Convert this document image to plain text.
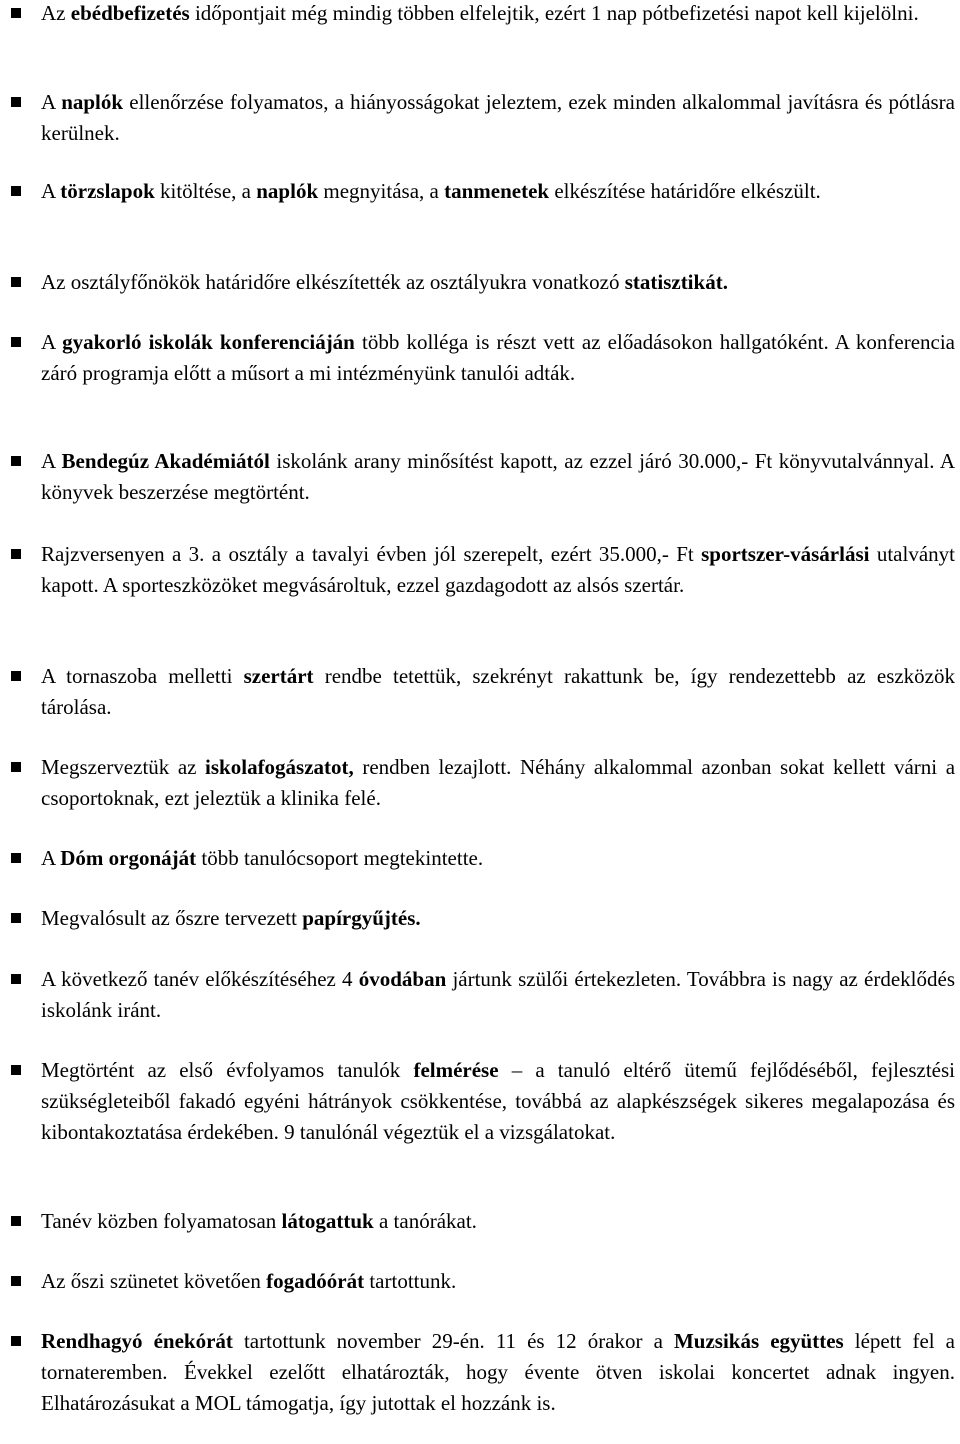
Az ebédbefizetés időpontjait még mindig többen elfelejtik, ezért 1 nap pótbefizetési napot kell kijelölni.
A naplók ellenőrzése folyamatos, a hiányosságokat jeleztem, ezek minden alkalommal javításra és pótlásra kerülnek.
A törzslapok kitöltése, a naplók megnyitása, a tanmenetek elkészítése határidőre elkészült.
Az osztályfőnökök határidőre elkészítették az osztályukra vonatkozó statisztikát.
A gyakorló iskolák konferenciáján több kolléga is részt vett az előadásokon hallgatóként. A konferencia záró programja előtt a műsort a mi intézményünk tanulói adták.
A Bendegúz Akadémiától iskolánk arany minősítést kapott, az ezzel járó 30.000,- Ft könyvutalvánnyal. A könyvek beszerzése megtörtént.
Rajzversenyen a 3. a osztály a tavalyi évben jól szerepelt, ezért 35.000,- Ft sportszer-vásárlási utalványt kapott. A sporteszközöket megvásároltuk, ezzel gazdagodott az alsós szertár.
A tornaszoba melletti szertárt rendbe tetettük, szekrényt rakattunk be, így rendezettebb az eszközök tárolása.
Megszerveztük az iskolafogászatot, rendben lezajlott. Néhány alkalommal azonban sokat kellett várni a csoportoknak, ezt jeleztük a klinika felé.
A Dóm orgonáját több tanulócsoport megtekintette.
Megvalósult az őszre tervezett papírgyűjtés.
A következő tanév előkészítéséhez 4 óvodában jártunk szülői értekezleten. Továbbra is nagy az érdeklődés iskolánk iránt.
Megtörtént az első évfolyamos tanulók felmérése – a tanuló eltérő ütemű fejlődéséből, fejlesztési szükségleteiből fakadó egyéni hátrányok csökkentése, továbbá az alapkészségek sikeres megalapozása és kibontakoztatása érdekében. 9 tanulónál végeztük el a vizsgálatokat.
Tanév közben folyamatosan látogattuk a tanórákat.
Az őszi szünetet követően fogadóórát tartottunk.
Rendhagyó énekórát tartottunk november 29-én. 11 és 12 órakor a Muzsikás együttes lépett fel a tornateremben. Évekkel ezelőtt elhatározták, hogy évente ötven iskolai koncertet adnak ingyen. Elhatározásukat a MOL támogatja, így jutottak el hozzánk is.
